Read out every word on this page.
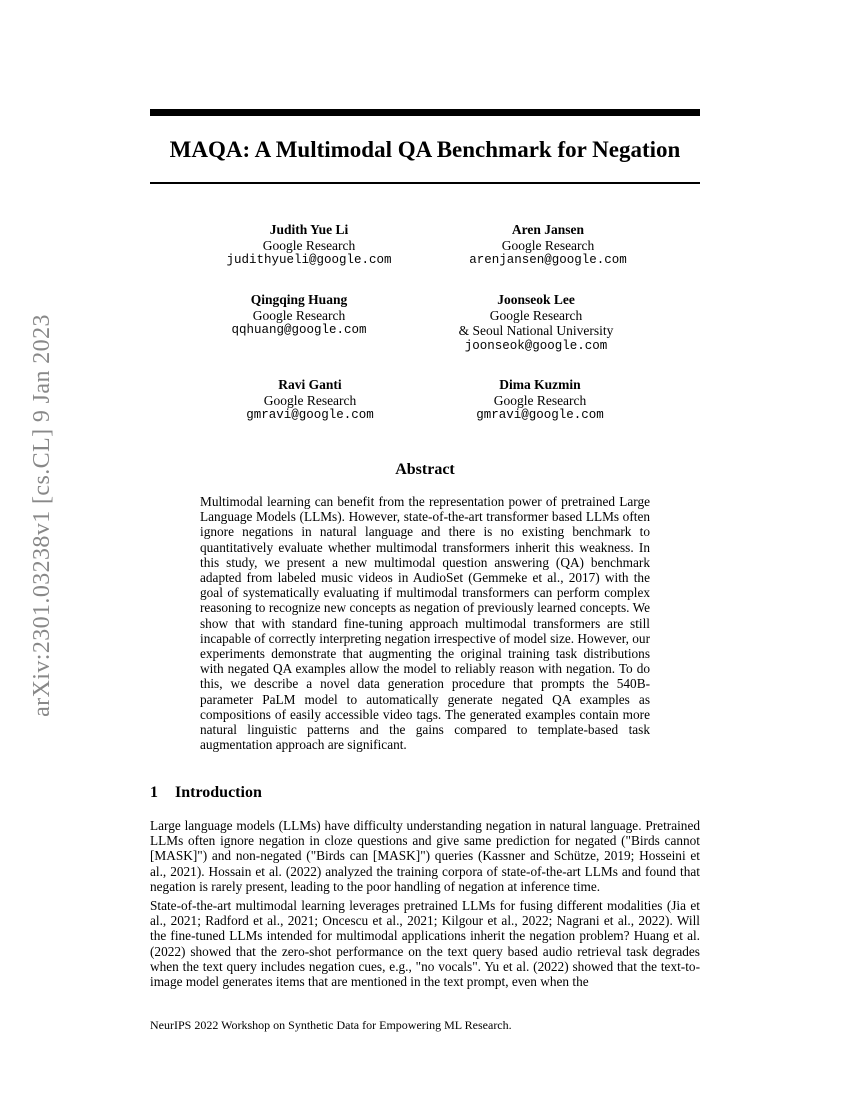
arXiv:2301.03238v1 [cs.CL] 9 Jan 2023
MAQA: A Multimodal QA Benchmark for Negation
Judith Yue Li
Google Research
judithyueli@google.com
Aren Jansen
Google Research
arenjansen@google.com
Qingqing Huang
Google Research
qqhuang@google.com
Joonseok Lee
Google Research
& Seoul National University
joonseok@google.com
Ravi Ganti
Google Research
gmravi@google.com
Dima Kuzmin
Google Research
gmravi@google.com
Abstract

Multimodal learning can benefit from the representation power of pretrained Large Language Models (LLMs). However, state-of-the-art transformer based LLMs often ignore negations in natural language and there is no existing benchmark to quantitatively evaluate whether multimodal transformers inherit this weakness. In this study, we present a new multimodal question answering (QA) benchmark adapted from labeled music videos in AudioSet (Gemmeke et al., 2017) with the goal of systematically evaluating if multimodal transformers can perform complex reasoning to recognize new concepts as negation of previously learned concepts. We show that with standard fine-tuning approach multimodal transformers are still incapable of correctly interpreting negation irrespective of model size. However, our experiments demonstrate that augmenting the original training task distributions with negated QA examples allow the model to reliably reason with negation. To do this, we describe a novel data generation procedure that prompts the 540B-parameter PaLM model to automatically generate negated QA examples as compositions of easily accessible video tags. The generated examples contain more natural linguistic patterns and the gains compared to template-based task augmentation approach are significant.

1 Introduction

Large language models (LLMs) have difficulty understanding negation in natural language. Pretrained LLMs often ignore negation in cloze questions and give same prediction for negated ("Birds cannot [MASK]") and non-negated ("Birds can [MASK]") queries (Kassner and Schütze, 2019; Hosseini et al., 2021). Hossain et al. (2022) analyzed the training corpora of state-of-the-art LLMs and found that negation is rarely present, leading to the poor handling of negation at inference time.

State-of-the-art multimodal learning leverages pretrained LLMs for fusing different modalities (Jia et al., 2021; Radford et al., 2021; Oncescu et al., 2021; Kilgour et al., 2022; Nagrani et al., 2022). Will the fine-tuned LLMs intended for multimodal applications inherit the negation problem? Huang et al. (2022) showed that the zero-shot performance on the text query based audio retrieval task degrades when the text query includes negation cues, e.g., "no vocals". Yu et al. (2022) showed that the text-to-image model generates items that are mentioned in the text prompt, even when the

NeurIPS 2022 Workshop on Synthetic Data for Empowering ML Research.
